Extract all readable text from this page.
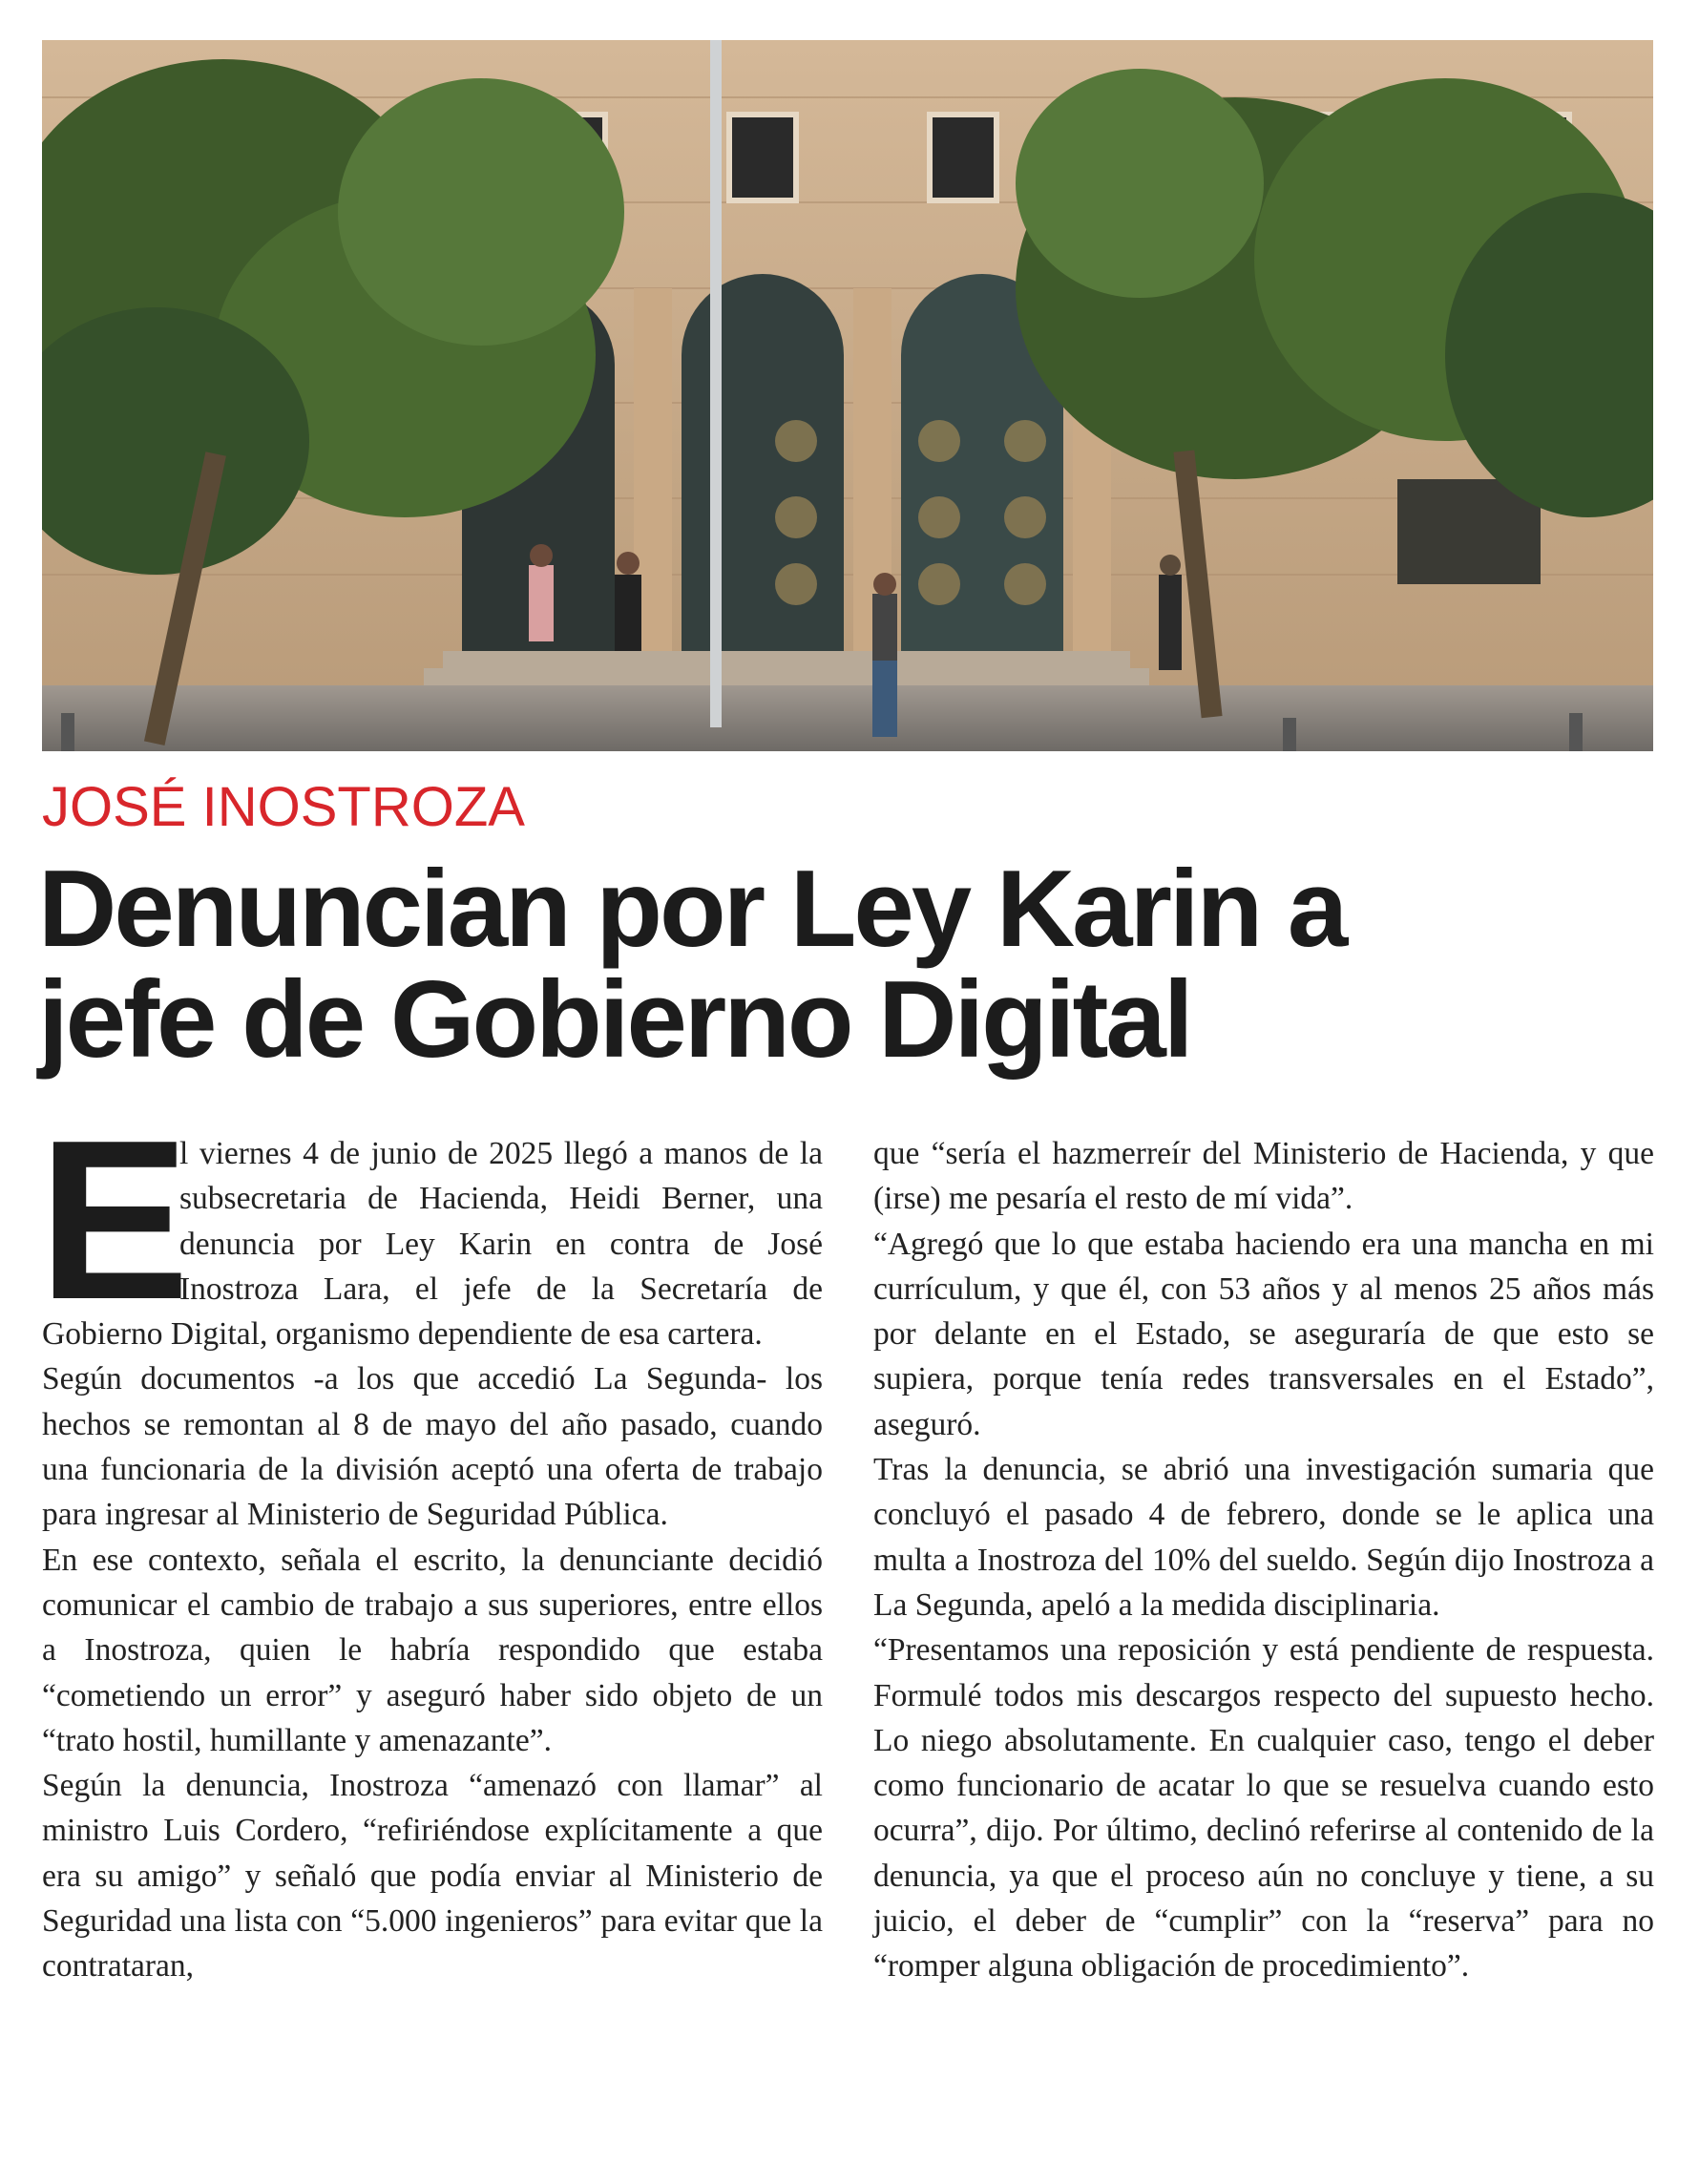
JOSÉ INOSTROZA
Denuncian por Ley Karin a
jefe de Gobierno Digital
E

l viernes 4 de junio de 2025 llegó a manos de la subsecretaria de Hacienda, Heidi Berner, una denuncia por Ley Karin en contra de José Inostroza Lara, el jefe de la Secretaría de Gobierno Digital, organismo dependiente de esa cartera.

Según documentos -a los que accedió La Segunda- los hechos se remontan al 8 de mayo del año pasado, cuando una funcionaria de la división aceptó una oferta de trabajo para ingresar al Ministerio de Seguridad Pública.

En ese contexto, señala el escrito, la denunciante decidió comunicar el cambio de trabajo a sus superiores, entre ellos a Inostroza, quien le habría respondido que estaba “cometiendo un error” y aseguró haber sido objeto de un “trato hostil, humillante y amenazante”.

Según la denuncia, Inostroza “amenazó con llamar” al ministro Luis Cordero, “refiriéndose explícitamente a que era su amigo” y señaló que podía enviar al Ministerio de Seguridad una lista con “5.000 ingenieros” para evitar que la contrataran,

que “sería el hazmerreír del Ministerio de Hacienda, y que (irse) me pesaría el resto de mí vida”.

“Agregó que lo que estaba haciendo era una mancha en mi currículum, y que él, con 53 años y al menos 25 años más por delante en el Estado, se aseguraría de que esto se supiera, porque tenía redes transversales en el Estado”, aseguró.

Tras la denuncia, se abrió una investigación sumaria que concluyó el pasado 4 de febrero, donde se le aplica una multa a Inostroza del 10% del sueldo. Según dijo Inostroza a La Segunda, apeló a la medida disciplinaria.

“Presentamos una reposición y está pendiente de respuesta. Formulé todos mis descargos respecto del supuesto hecho. Lo niego absolutamente. En cualquier caso, tengo el deber como funcionario de acatar lo que se resuelva cuando esto ocurra”, dijo. Por último, declinó referirse al contenido de la denuncia, ya que el proceso aún no concluye y tiene, a su juicio, el deber de “cumplir” con la “reserva” para no “romper alguna obligación de procedimiento”.
